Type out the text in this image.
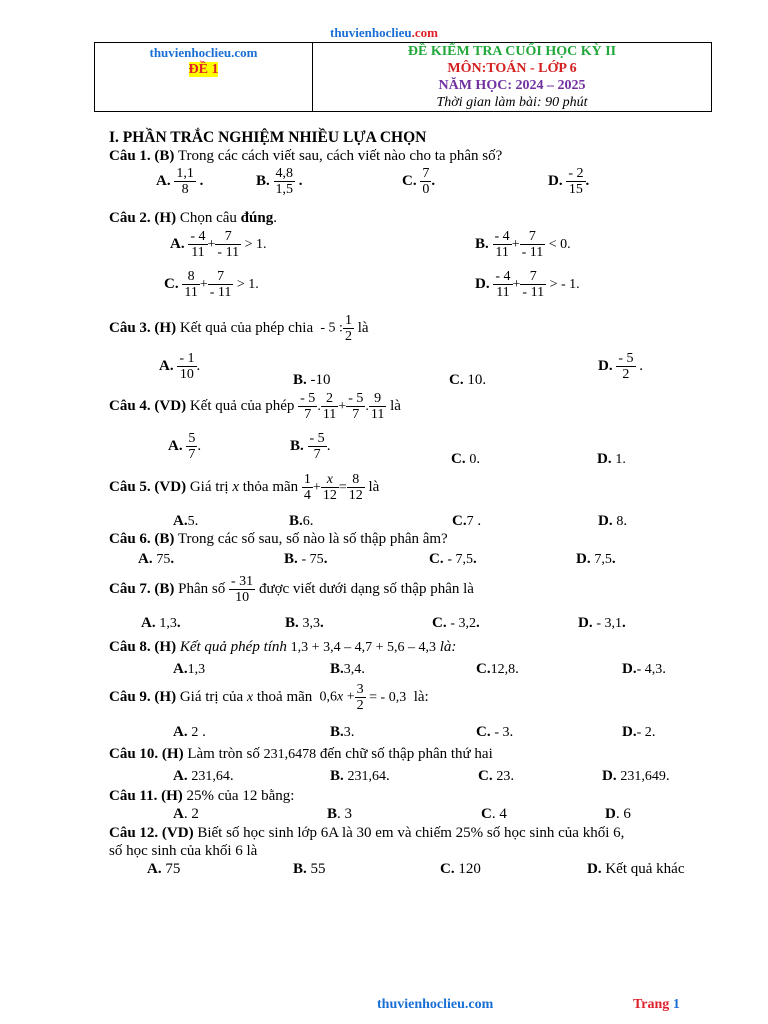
thuvienhoclieu.com
thuvienhoclieu.com
ĐỀ 1
ĐỀ KIỂM TRA CUỐI HỌC KỲ II
MÔN:TOÁN - LỚP 6
NĂM HỌC: 2024 – 2025
Thời gian làm bài: 90 phút
I. PHẦN TRẮC NGHIỆM NHIỀU LỰA CHỌN
Câu 1. (B) Trong các cách viết sau, cách viết nào cho ta phân số?
A. $\frac{1,1}{8}$ .	B. $\frac{4,8}{1,5}$ .	C. $\frac{7}{0}$ .	D. $\frac{- 2}{15}$ .
Câu 2. (H) Chọn câu đúng.
A. $\frac{- 4}{11} + \frac{7}{- 11} > 1$.	B. $\frac{- 4}{11} + \frac{7}{- 11} < 0$.
C. $\frac{8}{11} + \frac{7}{- 11} > 1$.	D. $\frac{- 4}{11} + \frac{7}{- 11}$ > - 1.
Câu 3. (H) Kết quả của phép chia  - 5 : $\frac{1}{2}$ là
A. $\frac{- 1}{10}$ .
B. -10	C. 10.
D. $\frac{- 5}{2}$ .
Câu 4. (VD) Kết quả của phép $\frac{- 5}{7}$ . $\frac{2}{11} + \frac{- 5}{7}$ . $\frac{9}{11}$ là
A. $\frac{5}{7}$ .	B. $\frac{- 5}{7}$ .
C. 0.	D. 1.
Câu 5. (VD) Giá trị x thỏa mãn $\frac{1}{4} + \frac{x}{12} = \frac{8}{12}$ là
A.5.	B.6.	C.7 .	D. 8.
Câu 6. (B) Trong các số sau, số nào là số thập phân âm?
A. 75.	B. - 75.	C. - 7,5.	D. 7,5.
Câu 7. (B) Phân số $\frac{- 31}{10}$ được viết dưới dạng số thập phân là
A. 1,3.	B. 3,3.	C. - 3,2.	D. - 3,1.
Câu 8. (H) Kết quả phép tính 1,3 + 3,4 – 4,7 + 5,6 – 4,3 là:
A.1,3	B.3,4.	C.12,8.	D.- 4,3.
Câu 9. (H) Giá trị của x thoả mãn  $0,6x + \frac{3}{2}$ = - 0,3 là:
A. 2 .	B.3.	C. - 3.	D.- 2.
Câu 10. (H) Làm tròn số 231,6478 đến chữ số thập phân thứ hai
A. 231,64.	B. 231,64.	C. 23.	D. 231,649.
Câu 11. (H) 25% của 12 bằng:
A. 2	B. 3	C. 4	D. 6
Câu 12. (VD) Biết số học sinh lớp 6A là 30 em và chiếm 25% số học sinh của khối 6,
số học sinh của khối 6 là
A. 75	B. 55	C. 120	D. Kết quả khác
thuvienhoclieu.com	Trang 1
